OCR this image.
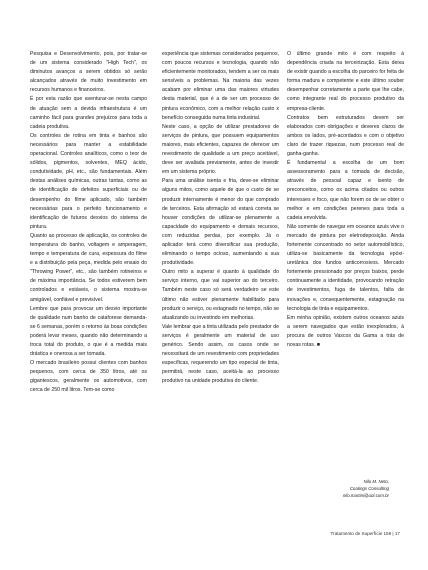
Pesquisa e Desenvolvimento, pois, por tratar-se de um sistema considerado "High Tech", os diminutos avanços a serem obtidos só serão alcançados através de muito investimento em recursos humanos e financeiros.

É por esta razão que aventurar-se nesta campo de atuação sem a devida infraestrutura é um caminho fácil para grandes prejuízos para toda a cadeia produtiva.

Os controles de rotina em tinta e banhos são necessários para manter a estabilidade operacional. Controles analíticos, como o teor de sólidos, pigmentos, solventes, MEQ ácido, condutividade, pH, etc., são fundamentais. Além destas análises químicas, outras tantas, como as de identificação de defeitos superficiais ou de desempenho do filme aplicado, são também necessárias para o perfeito funcionamento e identificação de futuros desvios do sistema de pintura.

Quanto ao processo de aplicação, os controles de temperatura do banho, voltagem e amperagem, tempo e temperatura de cura, espessura do filme e a distribuição pela peça, medida pelo ensaio do "Throwing Power", etc., são também rotineiros e de máxima importância. Se todos estiverem bem controlados e estáveis, o sistema mostra-se amigável, confiável e previsível.

Lembre que para provocar um desvio importante de qualidade num banho de cataforese demanda-se 6 semanas, porém o retorno às boas condições poderá levar meses, quando não determinando a troca total do produto, o que é a medida mais drástica e onerosa a ser tomada.

O mercado brasileiro possui clientes com banhos pequenos, com cerca de 350 litros, até os gigantescos, geralmente os automotivos, com cerca de 250 mil litros. Tem-se como

experiência que sistemas considerados pequenos, com poucos recursos e tecnologia, quando não eficientemente monitorados, tendem a ser os mais sensíveis a problemas. Na maioria das vezes acabam por eliminar uma das maiores virtudes desta material, que é a de ser um processo de pintura econômico, com a melhor relação custo x benefício conseguida numa tinta industrial.

Neste caso, a opção de utilizar prestadores de serviços de pintura, que possuem equipamentos maiores, mais eficientes, capazes de oferecer um revestimento de qualidade a um preço aceitável, deve ser avaliada previamente, antes de investir em um sistema próprio.

Para uma análise isenta e fria, deve-se eliminar alguns mitos, como aquele de que o custo de se produzir internamente é menor do que comprado de terceiros. Esta afirmação só estará correta se houver condições de utilizar-se plenamente a capacidade do equipamento e demais recursos, com reduzidas perdas, por exemplo. Já o aplicador terá como diversificar sua produção, eliminando o tempo ocioso, aumentando a sua produtividade.

Outro mito a superar é quanto à qualidade do serviço interno, que vai superior ao do terceiro. Também neste caso só será verdadeiro se este último não estiver plenamente habilitado para produzir o serviço, ou estagnado no tempo, não se atualizando ou investindo em melhorias.

Vale lembrar que a tinta utilizada pelo prestador de serviços é geralmente um material de uso genérico. Sendo assim, os casos onde se necessitará de um revestimento com propriedades específicas, requerendo um tipo especial de tinta, permitirá, neste caso, aceitá-la ao processo produtivo na unidade produtiva do cliente.

O último grande mito é com respeito à dependência criada na terceirização. Esta deixa de existir quando a escolha do parceiro for feita de forma madura e competente e este último souber desempenhar corretamente a parte que lhe cabe, como integrante real do processo produtivo da empresa-cliente.

Contratos bem estruturados devem ser elaborados com obrigações e deveres claros de ambos os lados, pré-acordados e com o objetivo claro de trazer riquezas, num processo real de ganha-ganha.

É fundamental a escolha de um bom assessoramento para a tomada de decisão, através de pessoal capaz e isento de preconceitos, como os acima citados ou outros interesses e foco, que não forem os de se obter o melhor e em condições perenes para toda a cadeia envolvida.

Não somente de navegar em oceanos azuis vive o mercado de pintura por eletrodeposição. Ainda fortemente concentrado no setor automobilístico, utiliza-se basicamente da tecnologia epóxi-uretânica dos fundos anticorrosivos. Mercado fortemente pressionado por preços baixos, perde continuamente a identidade, provocando retração de investimentos, fuga de talentos, falta de inovações e, consequentemente, estagnação na tecnologia de tinta e equipamentos.

Em minha opinião, existem outros oceanos azuis a serem navegados que estão inexplorados, à procura de outros Vascos da Gama a trás de novas rotas. ■

Nilo M. Neto,
Coatings Consulting
nilo.martini@uol.com.br
Tratamento de Superfície 159 | 17
